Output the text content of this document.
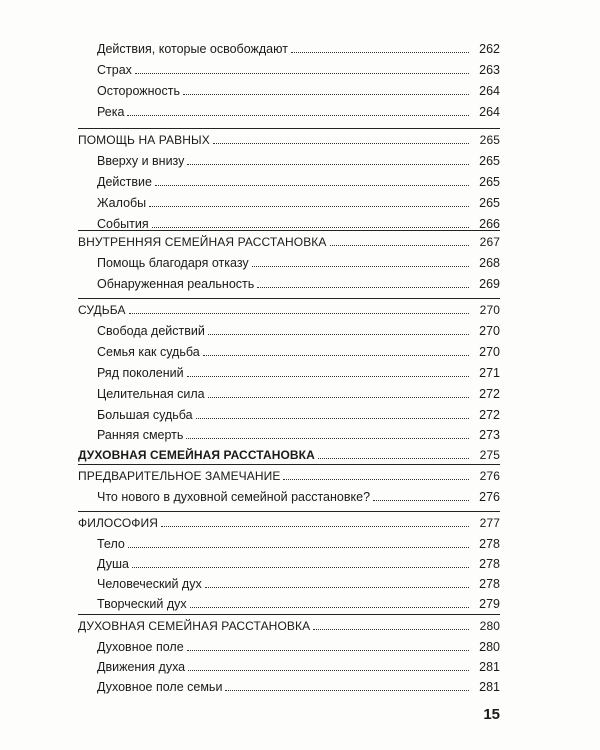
Действия, которые освобождают	262
Страх	263
Осторожность	264
Река	264
ПОМОЩЬ НА РАВНЫХ	265
Вверху и внизу	265
Действие	265
Жалобы	265
События	266
ВНУТРЕННЯЯ СЕМЕЙНАЯ РАССТАНОВКА	267
Помощь благодаря отказу	268
Обнаруженная реальность	269
СУДЬБА	270
Свобода действий	270
Семья как судьба	270
Ряд поколений	271
Целительная сила	272
Большая судьба	272
Ранняя смерть	273
ДУХОВНАЯ СЕМЕЙНАЯ РАССТАНОВКА	275
ПРЕДВАРИТЕЛЬНОЕ ЗАМЕЧАНИЕ	276
Что нового в духовной семейной расстановке?	276
ФИЛОСОФИЯ	277
Тело	278
Душа	278
Человеческий дух	278
Творческий дух	279
ДУХОВНАЯ СЕМЕЙНАЯ РАССТАНОВКА	280
Духовное поле	280
Движения духа	281
Духовное поле семьи	281
15
